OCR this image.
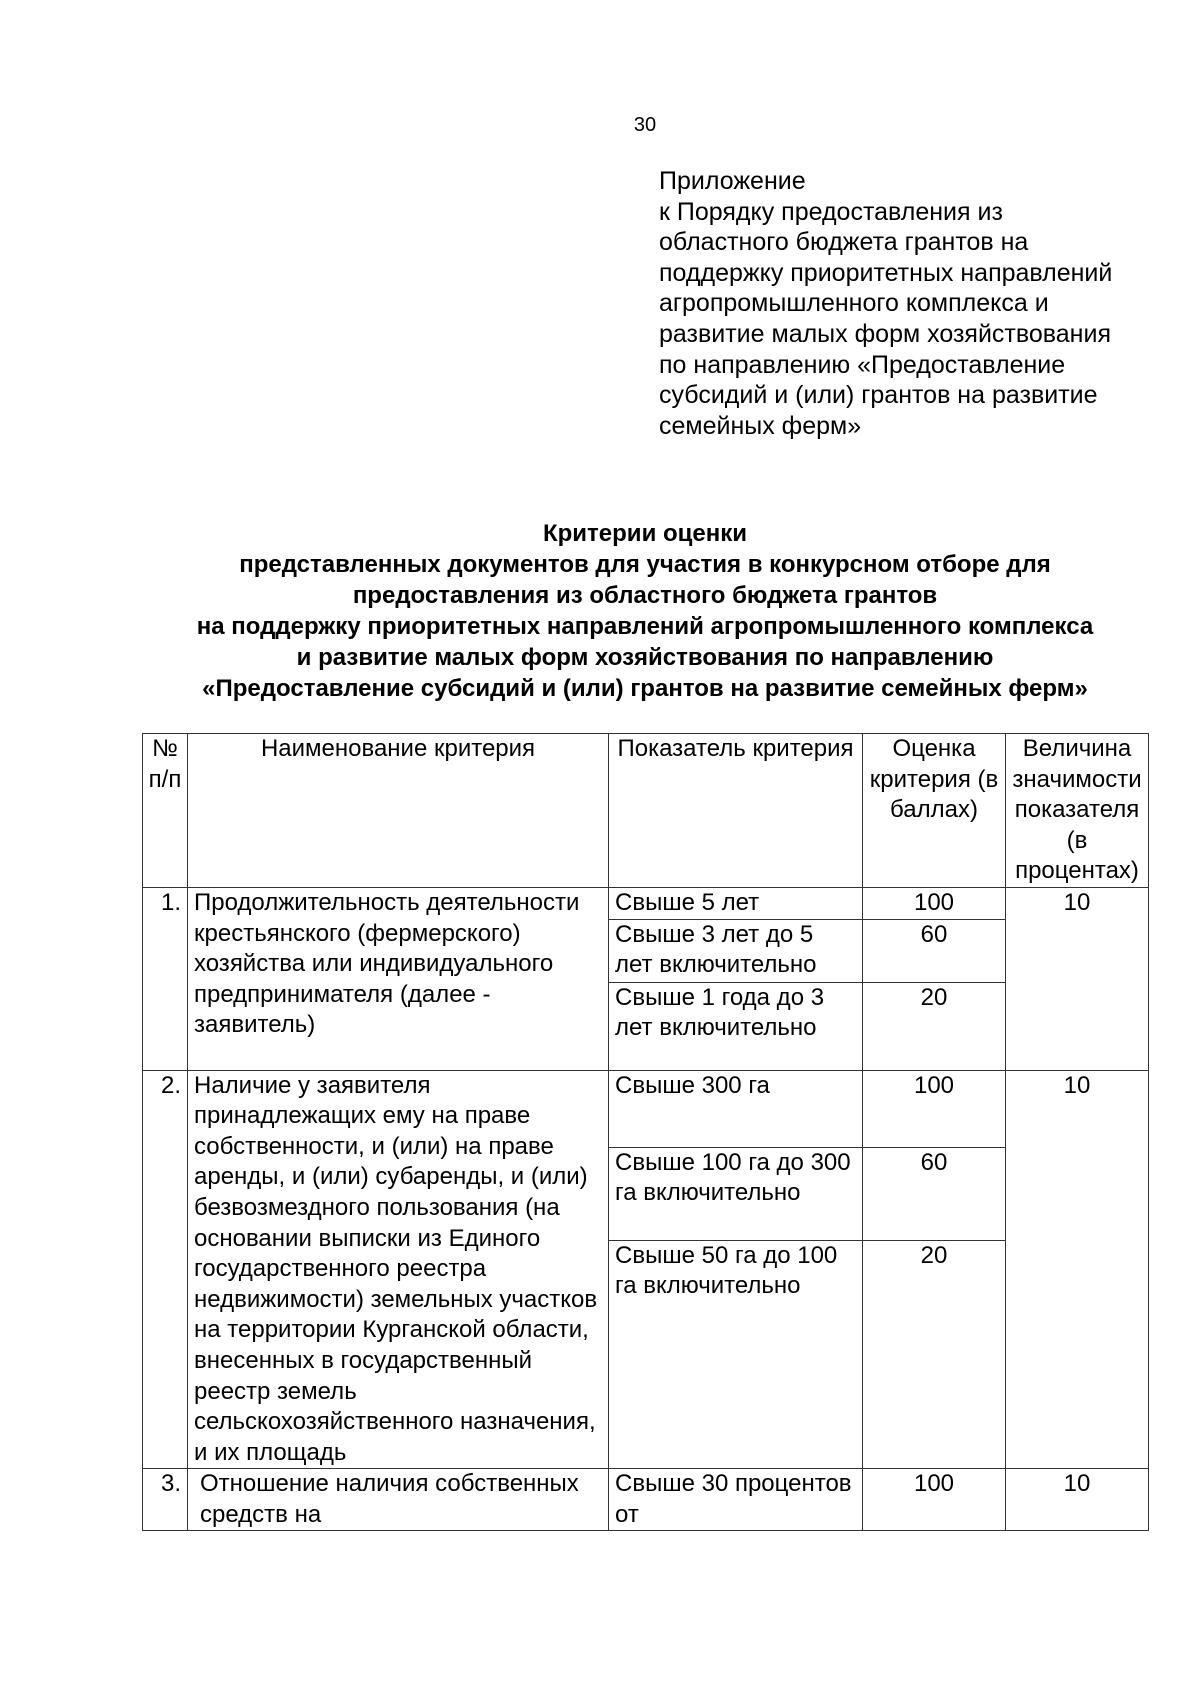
30
Приложение
к Порядку предоставления из
областного бюджета грантов на
поддержку приоритетных направлений
агропромышленного комплекса и
развитие малых форм хозяйствования
по направлению «Предоставление
субсидий и (или) грантов на развитие
семейных ферм»
Критерии оценки
представленных документов для участия в конкурсном отборе для
предоставления из областного бюджета грантов
на поддержку приоритетных направлений агропромышленного комплекса
и развитие малых форм хозяйствования по направлению
«Предоставление субсидий и (или) грантов на развитие семейных ферм»
№ п/п	Наименование критерия	Показатель критерия	Оценка критерия (в баллах)	Величина значимости показателя (в процентах)
1.	Продолжительность деятельности крестьянского (фермерского) хозяйства или индивидуального предпринимателя (далее - заявитель)	Свыше 5 лет	100	10
		Свыше 3 лет до 5 лет включительно	60	
		Свыше 1 года до 3 лет включительно	20	
2.	Наличие у заявителя принадлежащих ему на праве собственности, и (или) на праве аренды, и (или) субаренды, и (или) безвозмездного пользования (на основании выписки из Единого государственного реестра недвижимости) земельных участков на территории Курганской области, внесенных в государственный реестр земель сельскохозяйственного назначения, и их площадь	Свыше 300 га	100	10
		Свыше 100 га до 300 га включительно	60	
		Свыше 50 га до 100 га включительно	20	
3.	Отношение наличия собственных средств на	Свыше 30 процентов от	100	10
